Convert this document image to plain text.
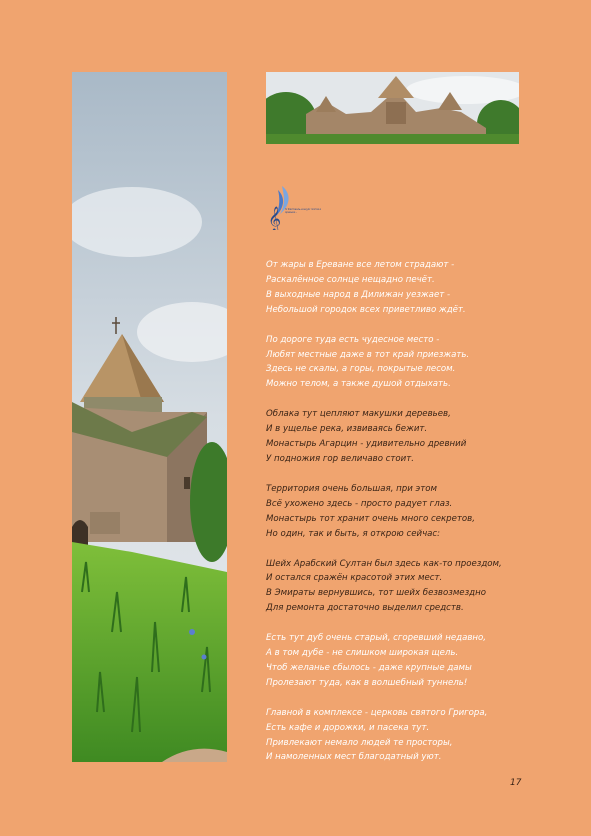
𝄞 IV Фестиваль-конкурс поэтов в Армении...
От жары в Ереване все летом страдают -
Раскалённое солнце нещадно печёт.
В выходные народ в Дилижан уезжает -
Небольшой городок всех приветливо ждёт.
По дороге туда есть чудесное место -
Любят местные даже в тот край приезжать.
Здесь не скалы, а горы, покрытые лесом.
Можно телом, а также душой отдыхать.
Облака тут цепляют макушки деревьев,
И в ущелье река, извиваясь бежит.
Монастырь Агарцин - удивительно древний
У подножия гор величаво стоит.
Территория очень большая, при этом
Всё ухожено здесь - просто радует глаз.
Монастырь тот хранит очень много секретов,
Но один, так и быть, я открою сейчас:
Шейх Арабский Султан был здесь как-то проездом,
И остался сражён красотой этих мест.
В Эмираты вернувшись, тот шейх безвозмездно
Для ремонта достаточно выделил средств.
Есть тут дуб очень старый, сгоревший недавно,
А в том дубе - не слишком широкая щель.
Чтоб желанье сбылось - даже крупные дамы
Пролезают туда, как в волшебный туннель!
Главной в комплексе - церковь святого Григора,
Есть кафе и дорожки, и пасека тут.
Привлекают немало людей те просторы,
И намоленных мест благодатный уют.
17
